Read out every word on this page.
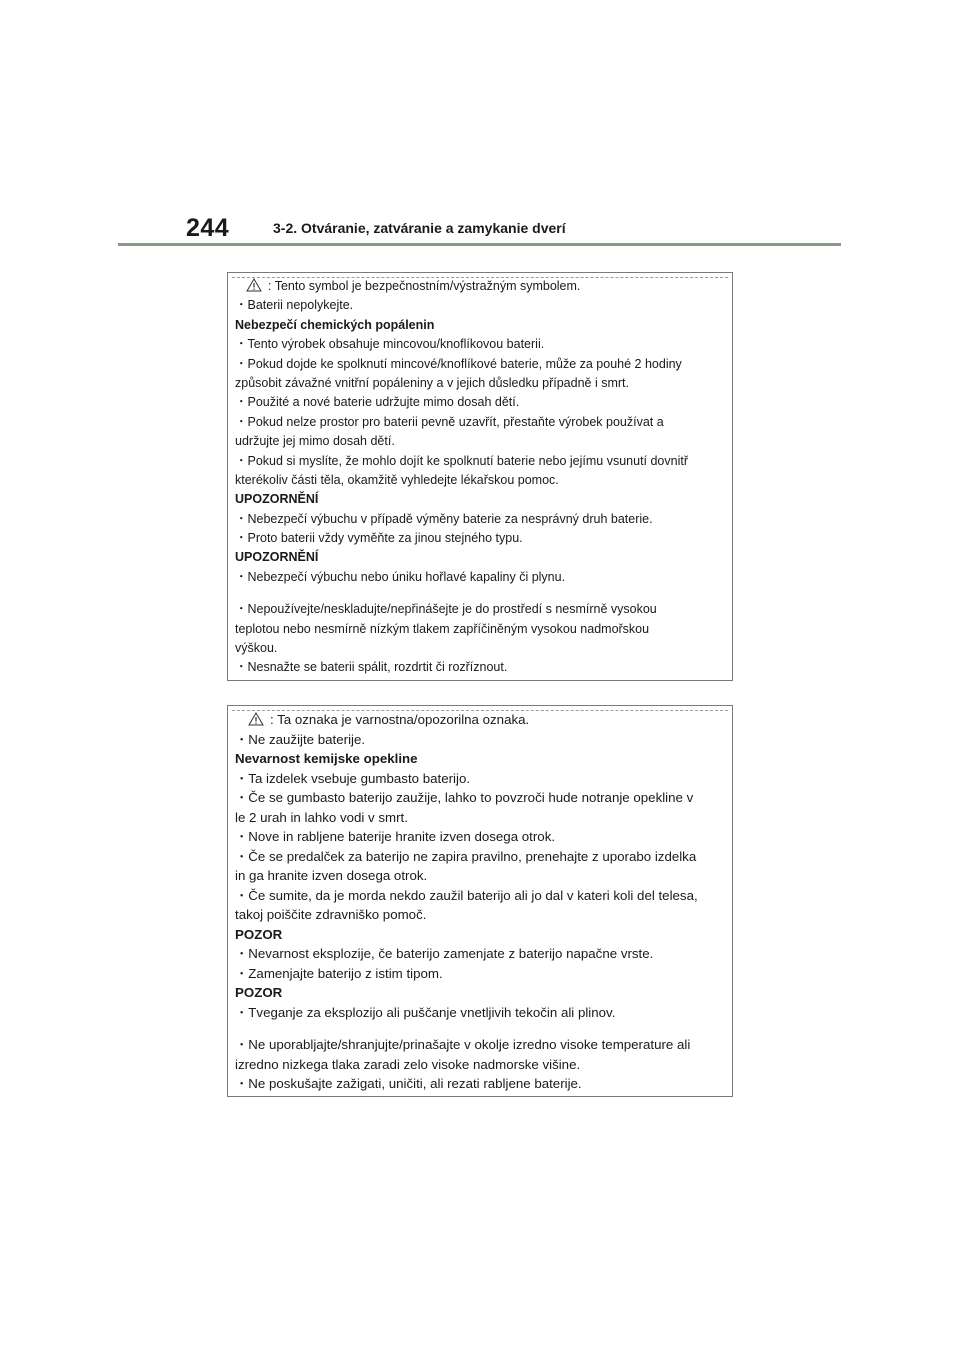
244	3-2. Otváranie, zatváranie a zamykanie dverí
: Tento symbol je bezpečnostním/výstražným symbolem.
・Baterii nepolykejte.
Nebezpečí chemických popálenin
・Tento výrobek obsahuje mincovou/knoflíkovou baterii.
・Pokud dojde ke spolknutí mincové/knoflíkové baterie, může za pouhé 2 hodiny
způsobit závažné vnitřní popáleniny a v jejich důsledku případně i smrt.
・Použité a nové baterie udržujte mimo dosah dětí.
・Pokud nelze prostor pro baterii pevně uzavřít, přestaňte výrobek používat a
udržujte jej mimo dosah dětí.
・Pokud si myslíte, že mohlo dojít ke spolknutí baterie nebo jejímu vsunutí dovnitř
kterékoliv části těla, okamžitě vyhledejte lékařskou pomoc.
UPOZORNĚNÍ
・Nebezpečí výbuchu v případě výměny baterie za nesprávný druh baterie.
・Proto baterii vždy vyměňte za jinou stejného typu.
UPOZORNĚNÍ
・Nebezpečí výbuchu nebo úniku hořlavé kapaliny či plynu.
・Nepoužívejte/neskladujte/nepřinášejte je do prostředí s nesmírně vysokou
teplotou nebo nesmírně nízkým tlakem zapříčiněným vysokou nadmořskou
výškou.
・Nesnažte se baterii spálit, rozdrtit či rozříznout.
: Ta oznaka je varnostna/opozorilna oznaka.
・Ne zaužijte baterije.
Nevarnost kemijske opekline
・Ta izdelek vsebuje gumbasto baterijo.
・Če se gumbasto baterijo zaužije, lahko to povzroči hude notranje opekline v
le 2 urah in lahko vodi v smrt.
・Nove in rabljene baterije hranite izven dosega otrok.
・Če se predalček za baterijo ne zapira pravilno, prenehajte z uporabo izdelka
in ga hranite izven dosega otrok.
・Če sumite, da je morda nekdo zaužil baterijo ali jo dal v kateri koli del telesa,
takoj poiščite zdravniško pomoč.
POZOR
・Nevarnost eksplozije, če baterijo zamenjate z baterijo napačne vrste.
・Zamenjajte baterijo z istim tipom.
POZOR
・Tveganje za eksplozijo ali puščanje vnetljivih tekočin ali plinov.
・Ne uporabljajte/shranjujte/prinašajte v okolje izredno visoke temperature ali
izredno nizkega tlaka zaradi zelo visoke nadmorske višine.
・Ne poskušajte zažigati, uničiti, ali rezati rabljene baterije.
